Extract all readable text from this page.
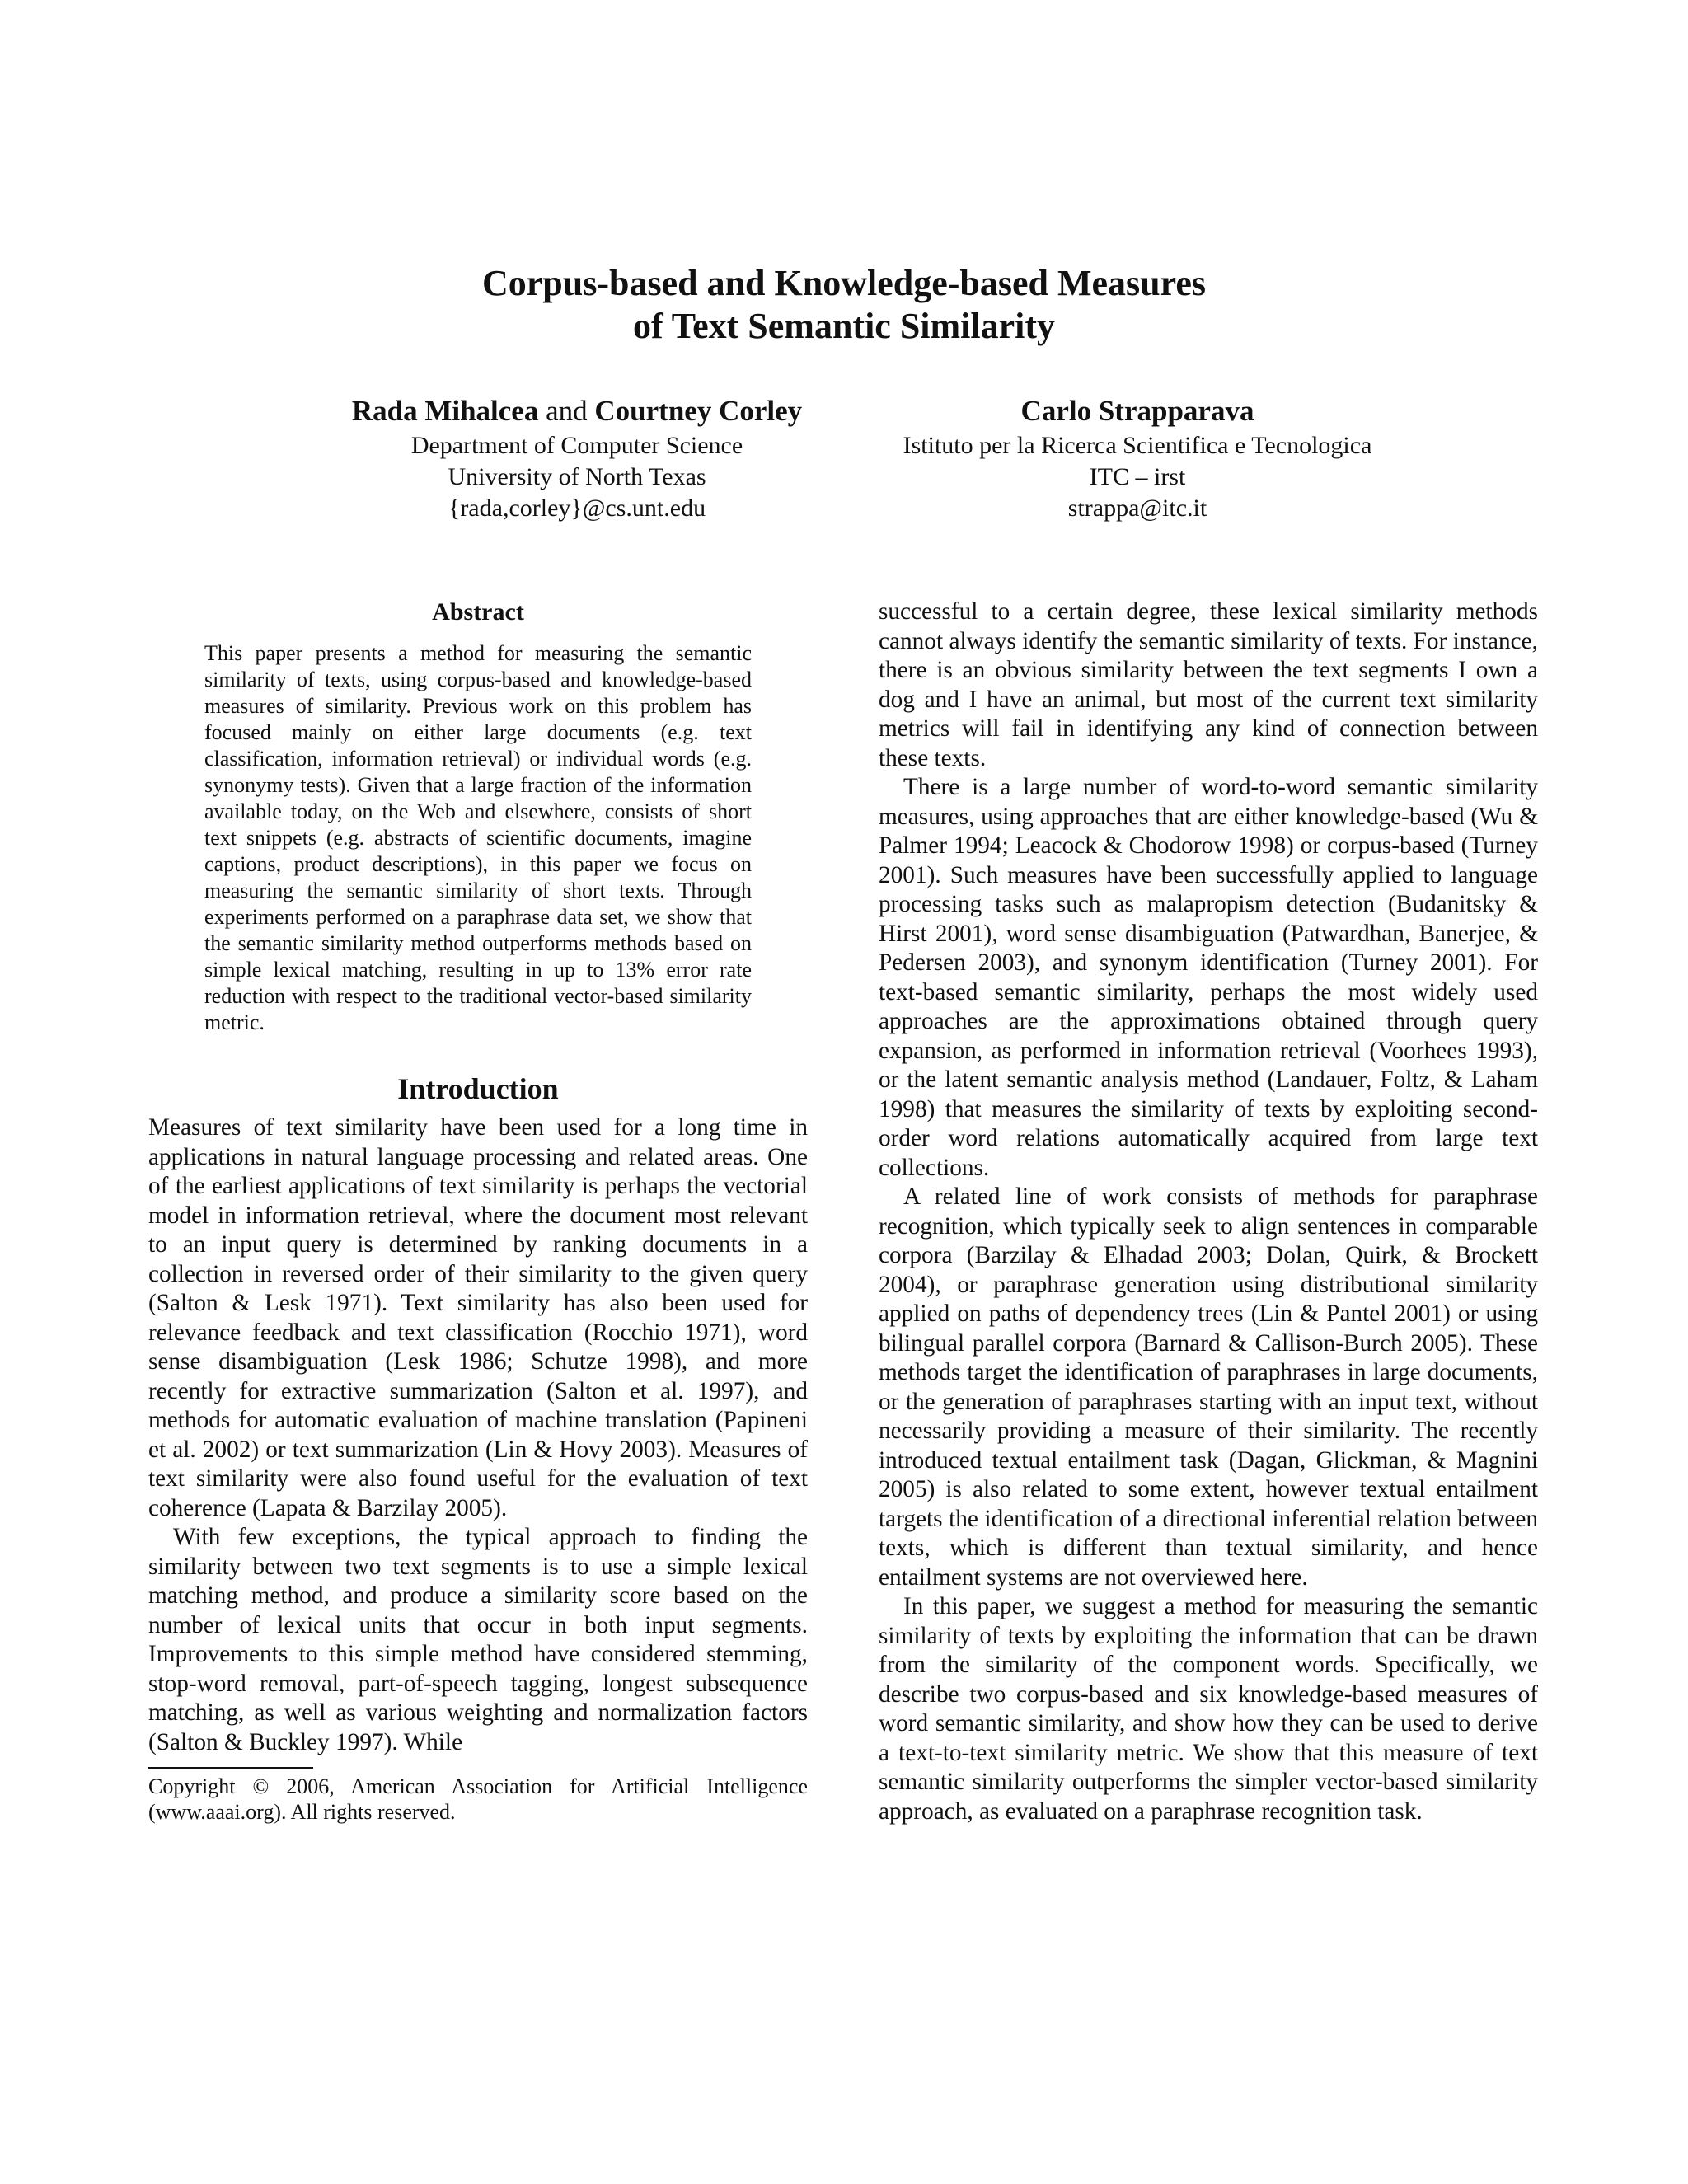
Corpus-based and Knowledge-based Measures
of Text Semantic Similarity
Rada Mihalcea and Courtney Corley
Department of Computer Science
University of North Texas
{rada,corley}@cs.unt.edu
Carlo Strapparava
Istituto per la Ricerca Scientifica e Tecnologica
ITC – irst
strappa@itc.it
Abstract

This paper presents a method for measuring the semantic similarity of texts, using corpus-based and knowledge-based measures of similarity. Previous work on this problem has focused mainly on either large documents (e.g. text classification, information retrieval) or individual words (e.g. synonymy tests). Given that a large fraction of the information available today, on the Web and elsewhere, consists of short text snippets (e.g. abstracts of scientific documents, imagine captions, product descriptions), in this paper we focus on measuring the semantic similarity of short texts. Through experiments performed on a paraphrase data set, we show that the semantic similarity method outperforms methods based on simple lexical matching, resulting in up to 13% error rate reduction with respect to the traditional vector-based similarity metric.

Introduction

Measures of text similarity have been used for a long time in applications in natural language processing and related areas. One of the earliest applications of text similarity is perhaps the vectorial model in information retrieval, where the document most relevant to an input query is determined by ranking documents in a collection in reversed order of their similarity to the given query (Salton & Lesk 1971). Text similarity has also been used for relevance feedback and text classification (Rocchio 1971), word sense disambiguation (Lesk 1986; Schutze 1998), and more recently for extractive summarization (Salton et al. 1997), and methods for automatic evaluation of machine translation (Papineni et al. 2002) or text summarization (Lin & Hovy 2003). Measures of text similarity were also found useful for the evaluation of text coherence (Lapata & Barzilay 2005).

With few exceptions, the typical approach to finding the similarity between two text segments is to use a simple lexical matching method, and produce a similarity score based on the number of lexical units that occur in both input segments. Improvements to this simple method have considered stemming, stop-word removal, part-of-speech tagging, longest subsequence matching, as well as various weighting and normalization factors (Salton & Buckley 1997). While

Copyright © 2006, American Association for Artificial Intelligence (www.aaai.org). All rights reserved.

successful to a certain degree, these lexical similarity methods cannot always identify the semantic similarity of texts. For instance, there is an obvious similarity between the text segments I own a dog and I have an animal, but most of the current text similarity metrics will fail in identifying any kind of connection between these texts.

There is a large number of word-to-word semantic similarity measures, using approaches that are either knowledge-based (Wu & Palmer 1994; Leacock & Chodorow 1998) or corpus-based (Turney 2001). Such measures have been successfully applied to language processing tasks such as malapropism detection (Budanitsky & Hirst 2001), word sense disambiguation (Patwardhan, Banerjee, & Pedersen 2003), and synonym identification (Turney 2001). For text-based semantic similarity, perhaps the most widely used approaches are the approximations obtained through query expansion, as performed in information retrieval (Voorhees 1993), or the latent semantic analysis method (Landauer, Foltz, & Laham 1998) that measures the similarity of texts by exploiting second-order word relations automatically acquired from large text collections.

A related line of work consists of methods for paraphrase recognition, which typically seek to align sentences in comparable corpora (Barzilay & Elhadad 2003; Dolan, Quirk, & Brockett 2004), or paraphrase generation using distributional similarity applied on paths of dependency trees (Lin & Pantel 2001) or using bilingual parallel corpora (Barnard & Callison-Burch 2005). These methods target the identification of paraphrases in large documents, or the generation of paraphrases starting with an input text, without necessarily providing a measure of their similarity. The recently introduced textual entailment task (Dagan, Glickman, & Magnini 2005) is also related to some extent, however textual entailment targets the identification of a directional inferential relation between texts, which is different than textual similarity, and hence entailment systems are not overviewed here.

In this paper, we suggest a method for measuring the semantic similarity of texts by exploiting the information that can be drawn from the similarity of the component words. Specifically, we describe two corpus-based and six knowledge-based measures of word semantic similarity, and show how they can be used to derive a text-to-text similarity metric. We show that this measure of text semantic similarity outperforms the simpler vector-based similarity approach, as evaluated on a paraphrase recognition task.
